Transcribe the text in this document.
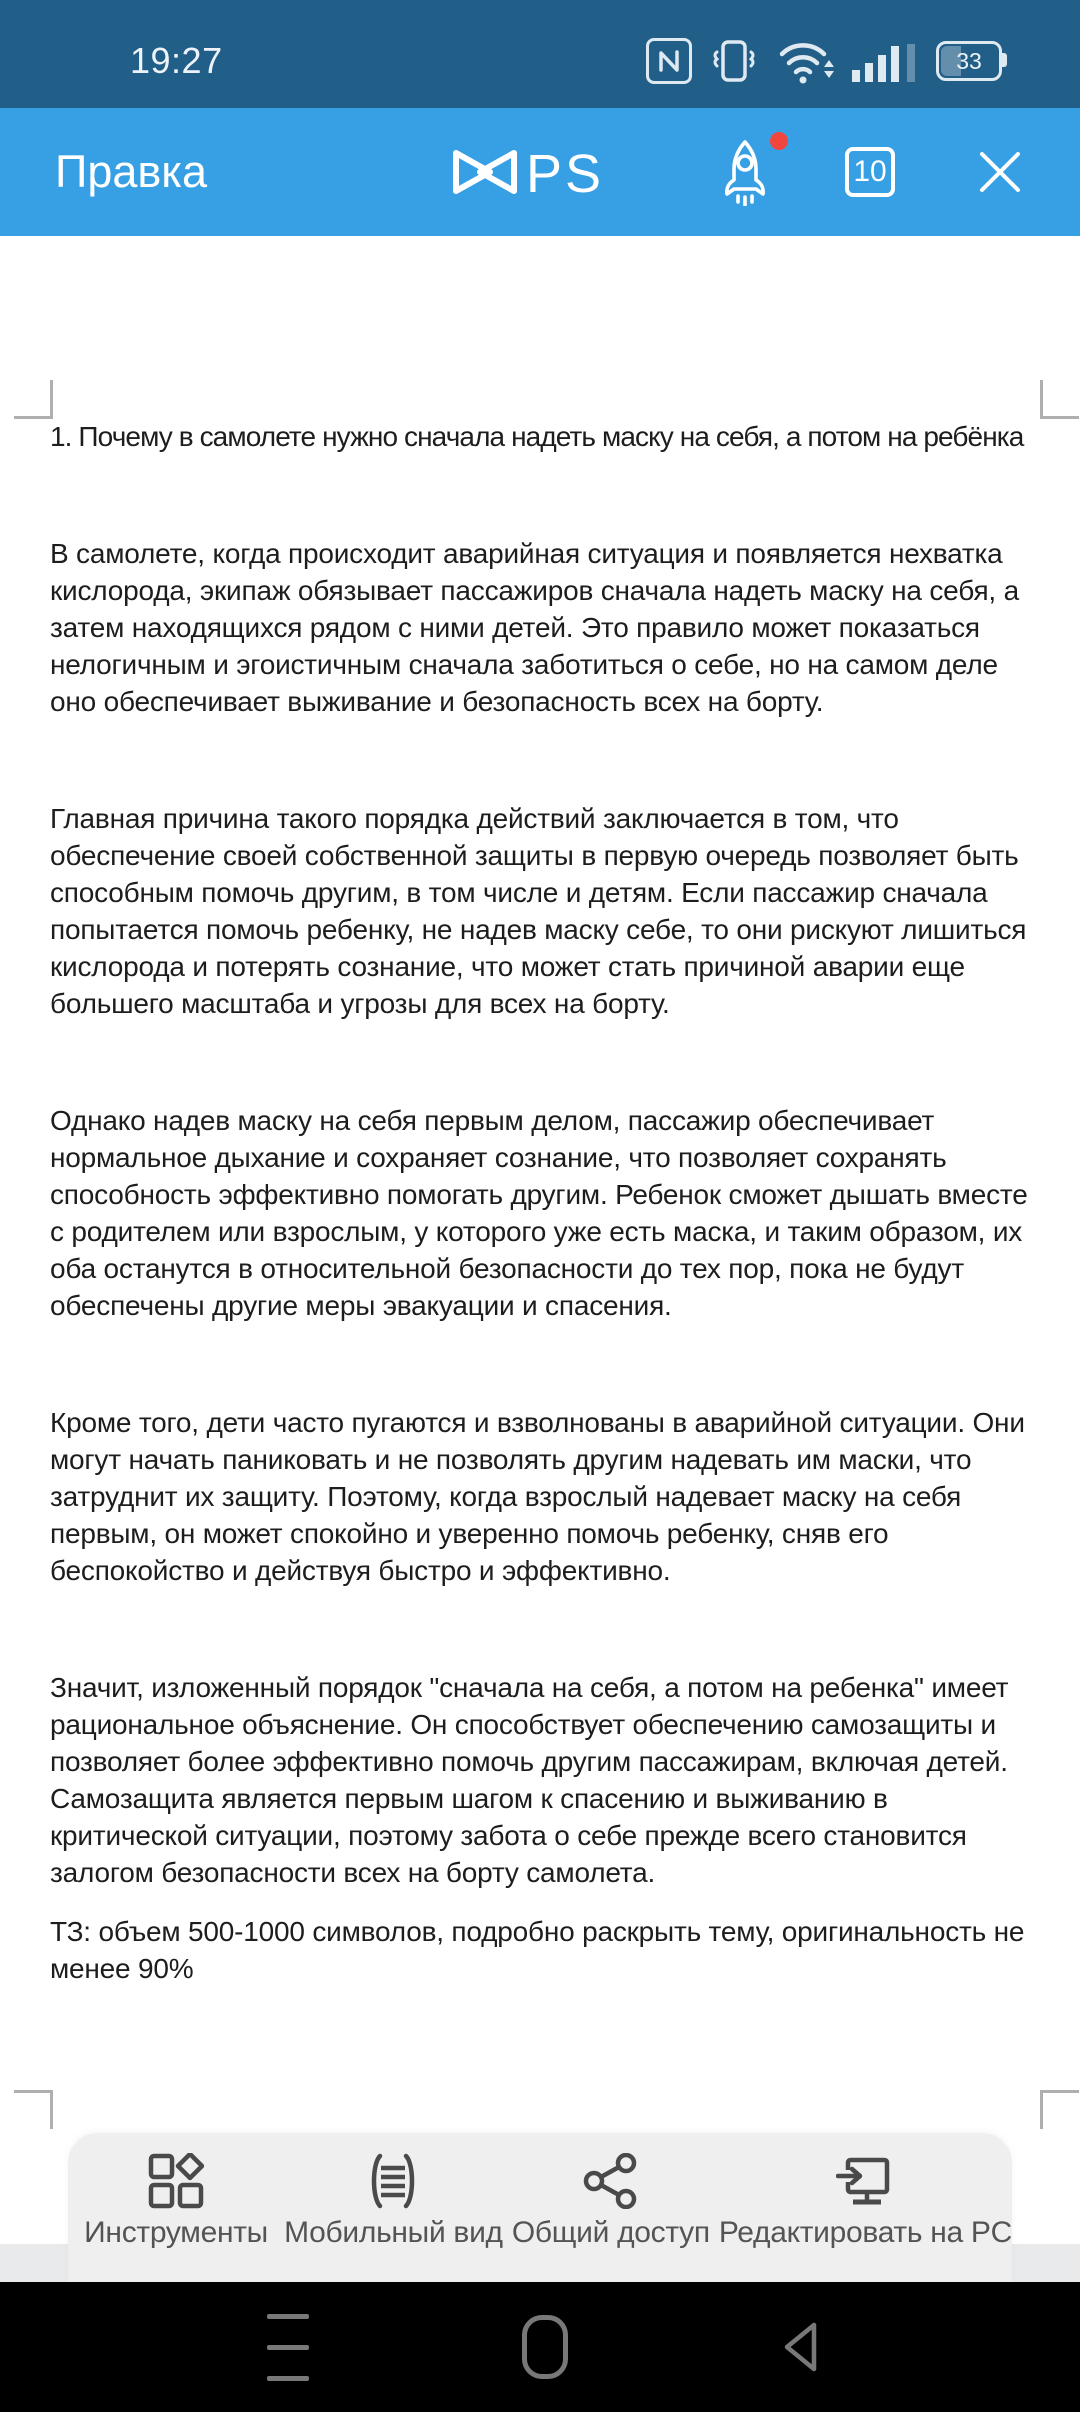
19:27	33
Правка	PS	10

1. Почему в самолете нужно сначала надеть маску на себя, а потом на ребёнка

В самолете, когда происходит аварийная ситуация и появляется нехватка кислорода, экипаж обязывает пассажиров сначала надеть маску на себя, а затем находящихся рядом с ними детей. Это правило может показаться нелогичным и эгоистичным сначала заботиться о себе, но на самом деле оно обеспечивает выживание и безопасность всех на борту.

Главная причина такого порядка действий заключается в том, что обеспечение своей собственной защиты в первую очередь позволяет быть способным помочь другим, в том числе и детям. Если пассажир сначала попытается помочь ребенку, не надев маску себе, то они рискуют лишиться кислорода и потерять сознание, что может стать причиной аварии еще большего масштаба и угрозы для всех на борту.

Однако надев маску на себя первым делом, пассажир обеспечивает нормальное дыхание и сохраняет сознание, что позволяет сохранять способность эффективно помогать другим. Ребенок сможет дышать вместе с родителем или взрослым, у которого уже есть маска, и таким образом, их оба останутся в относительной безопасности до тех пор, пока не будут обеспечены другие меры эвакуации и спасения.

Кроме того, дети часто пугаются и взволнованы в аварийной ситуации. Они могут начать паниковать и не позволять другим надевать им маски, что затруднит их защиту. Поэтому, когда взрослый надевает маску на себя первым, он может спокойно и уверенно помочь ребенку, сняв его беспокойство и действуя быстро и эффективно.

Значит, изложенный порядок "сначала на себя, а потом на ребенка" имеет рациональное объяснение. Он способствует обеспечению самозащиты и позволяет более эффективно помочь другим пассажирам, включая детей. Самозащита является первым шагом к спасению и выживанию в критической ситуации, поэтому забота о себе прежде всего становится залогом безопасности всех на борту самолета.

ТЗ: объем 500-1000 символов, подробно раскрыть тему, оригинальность не менее 90%

Инструменты Мобильный вид Общий доступ Редактировать на PC
